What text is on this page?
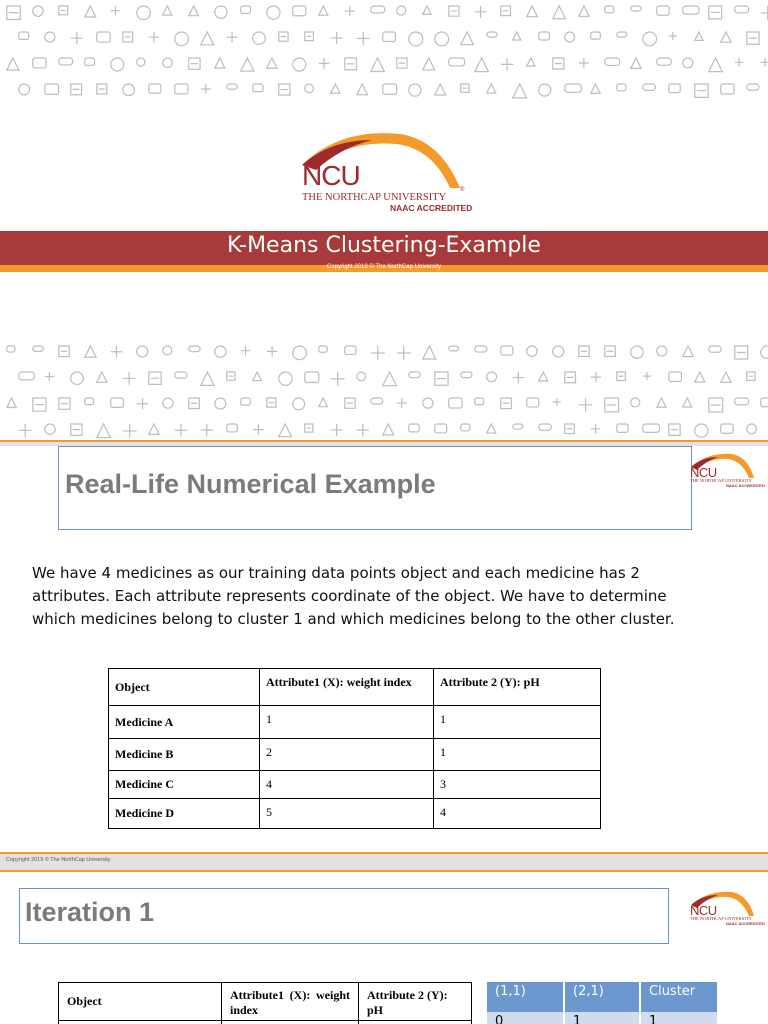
NCU
THE NORTHCAP UNIVERSITY
®
NAAC ACCREDITED
K-Means Clustering-Example
Copyright 2019 © The NorthCap University
Real-Life Numerical Example	NCU
THE NORTHCAP UNIVERSITY
NAAC ACCREDITED
We have 4 medicines as our training data points object and each medicine has 2 attributes. Each attribute represents coordinate of the object. We have to determine which medicines belong to cluster 1 and which medicines belong to the other cluster.
Object	Attribute1 (X): weight index	Attribute 2 (Y): pH
Medicine A	1	1
Medicine B	2	1
Medicine C	4	3
Medicine D	5	4
Copyright 2019 © The NorthCap University
Iteration 1	NCU
THE NORTHCAP UNIVERSITY
NAAC ACCREDITED
Object	Attribute1 (X): weight index	Attribute 2 (Y): pH

(1,1)	(2,1)	Cluster
0	1	1
